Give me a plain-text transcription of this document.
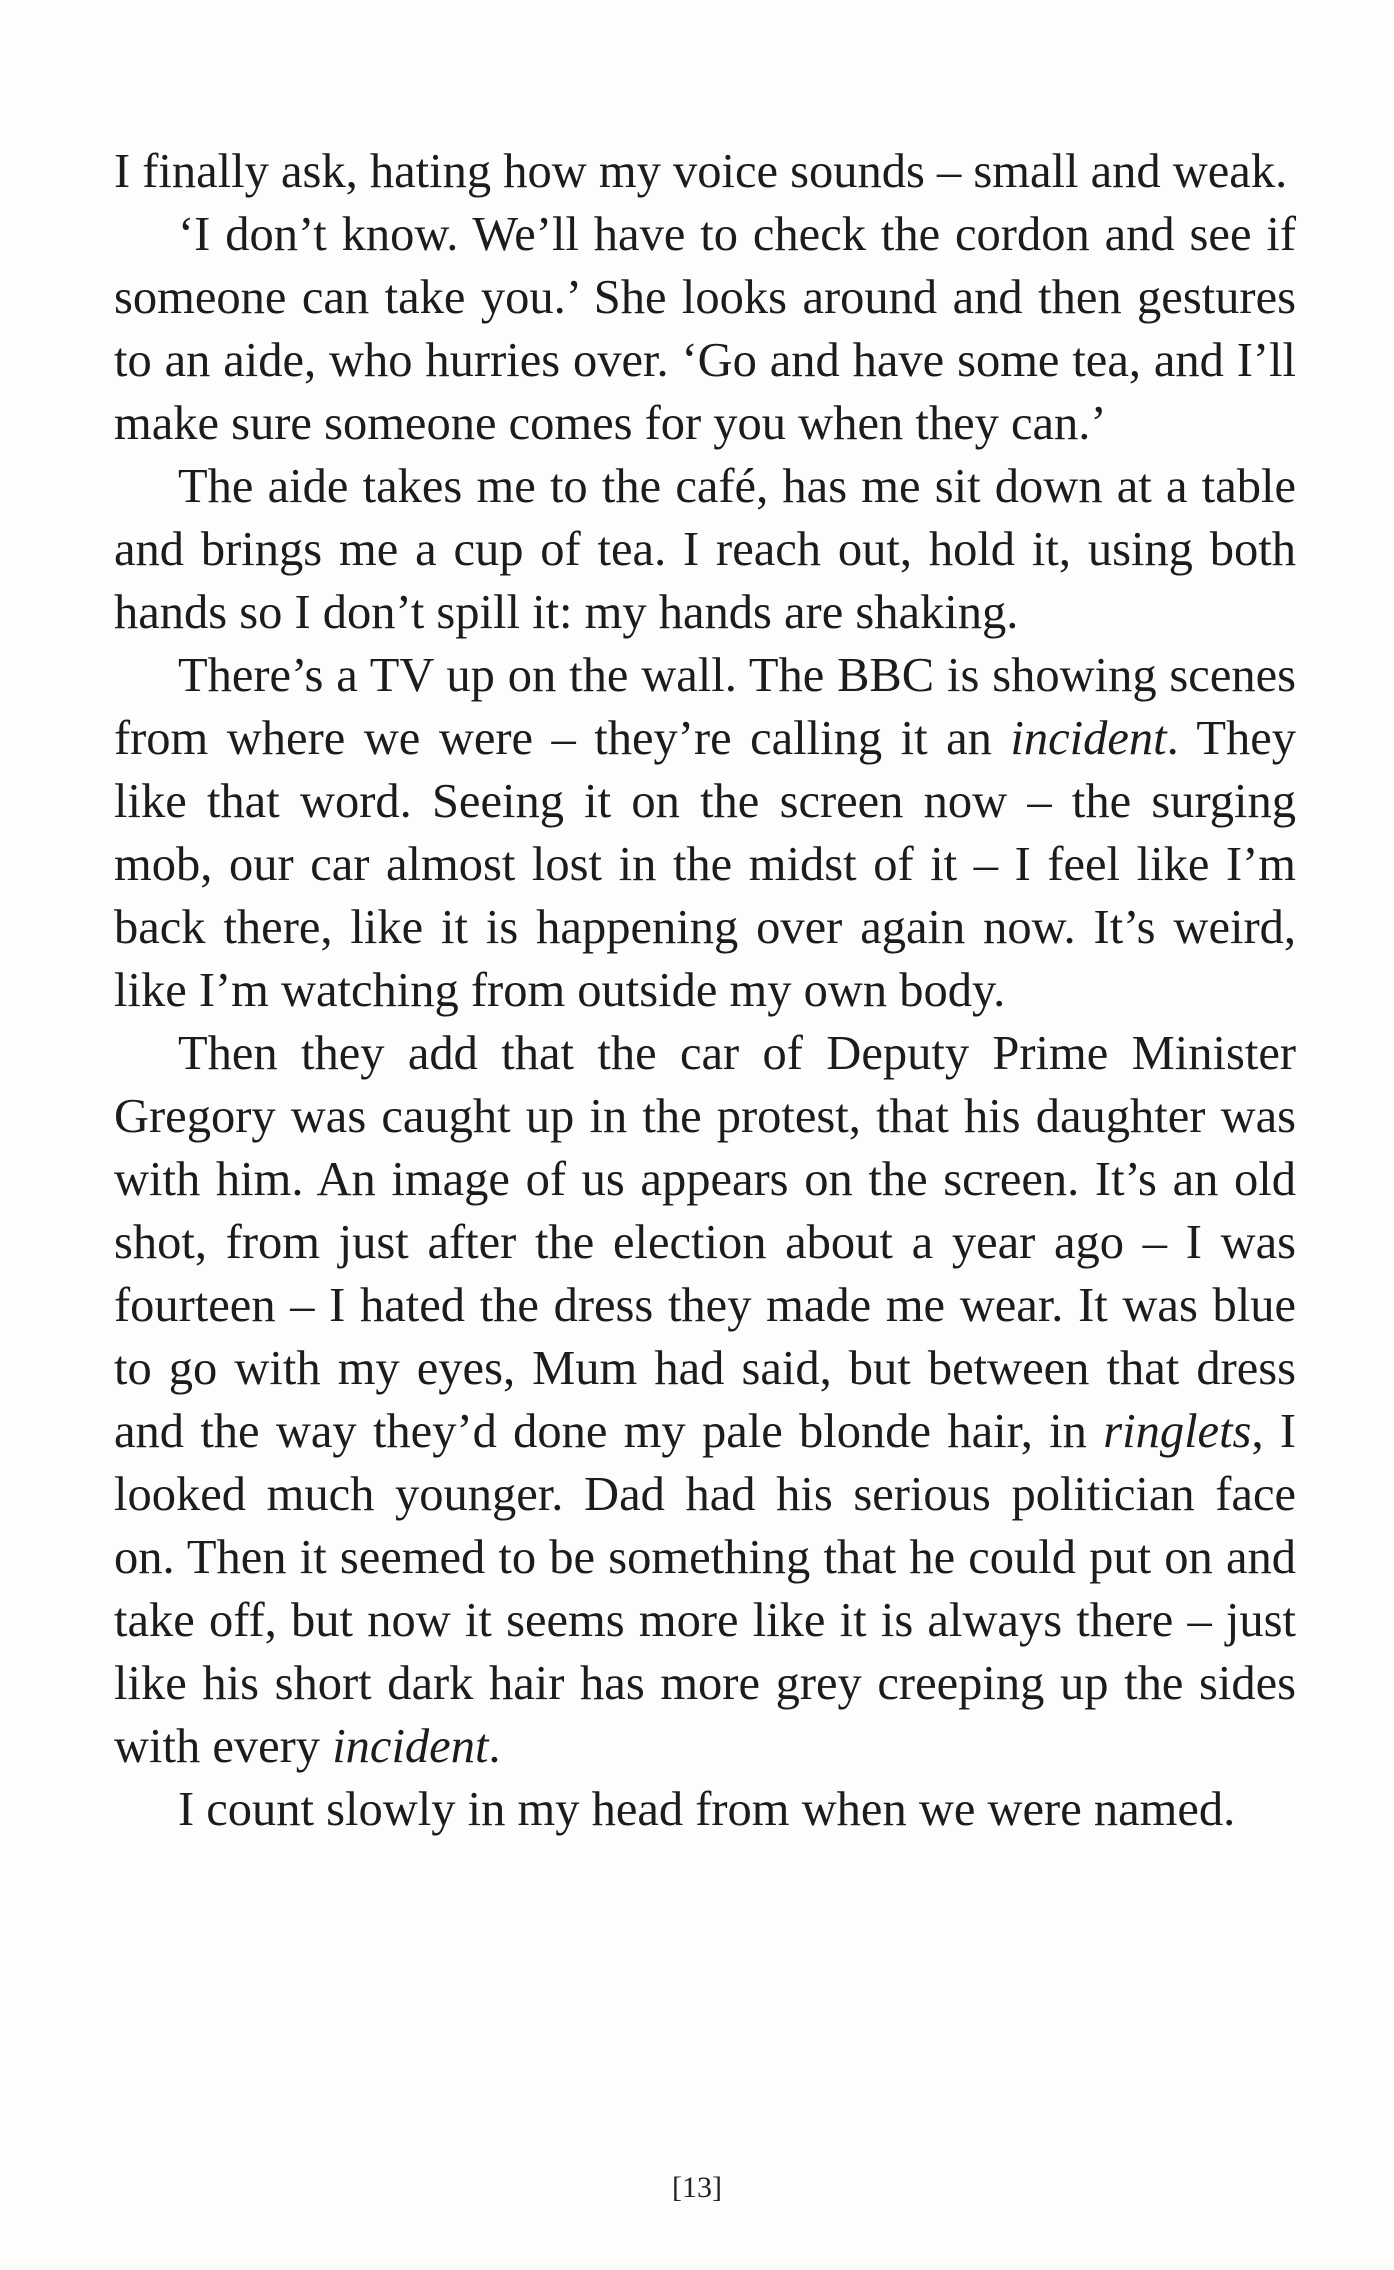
I finally ask, hating how my voice sounds – small and weak.

‘I don’t know. We’ll have to check the cordon and see if someone can take you.’ She looks around and then gestures to an aide, who hurries over. ‘Go and have some tea, and I’ll make sure someone comes for you when they can.’

The aide takes me to the café, has me sit down at a table and brings me a cup of tea. I reach out, hold it, using both hands so I don’t spill it: my hands are shaking.

There’s a TV up on the wall. The BBC is showing scenes from where we were – they’re calling it an incident. They like that word. Seeing it on the screen now – the surging mob, our car almost lost in the midst of it – I feel like I’m back there, like it is happening over again now. It’s weird, like I’m watching from outside my own body.

Then they add that the car of Deputy Prime Minister Gregory was caught up in the protest, that his daughter was with him. An image of us appears on the screen. It’s an old shot, from just after the election about a year ago – I was fourteen – I hated the dress they made me wear. It was blue to go with my eyes, Mum had said, but between that dress and the way they’d done my pale blonde hair, in ringlets, I looked much younger. Dad had his serious politician face on. Then it seemed to be something that he could put on and take off, but now it seems more like it is always there – just like his short dark hair has more grey creeping up the sides with every incident.

I count slowly in my head from when we were named.

[13]
